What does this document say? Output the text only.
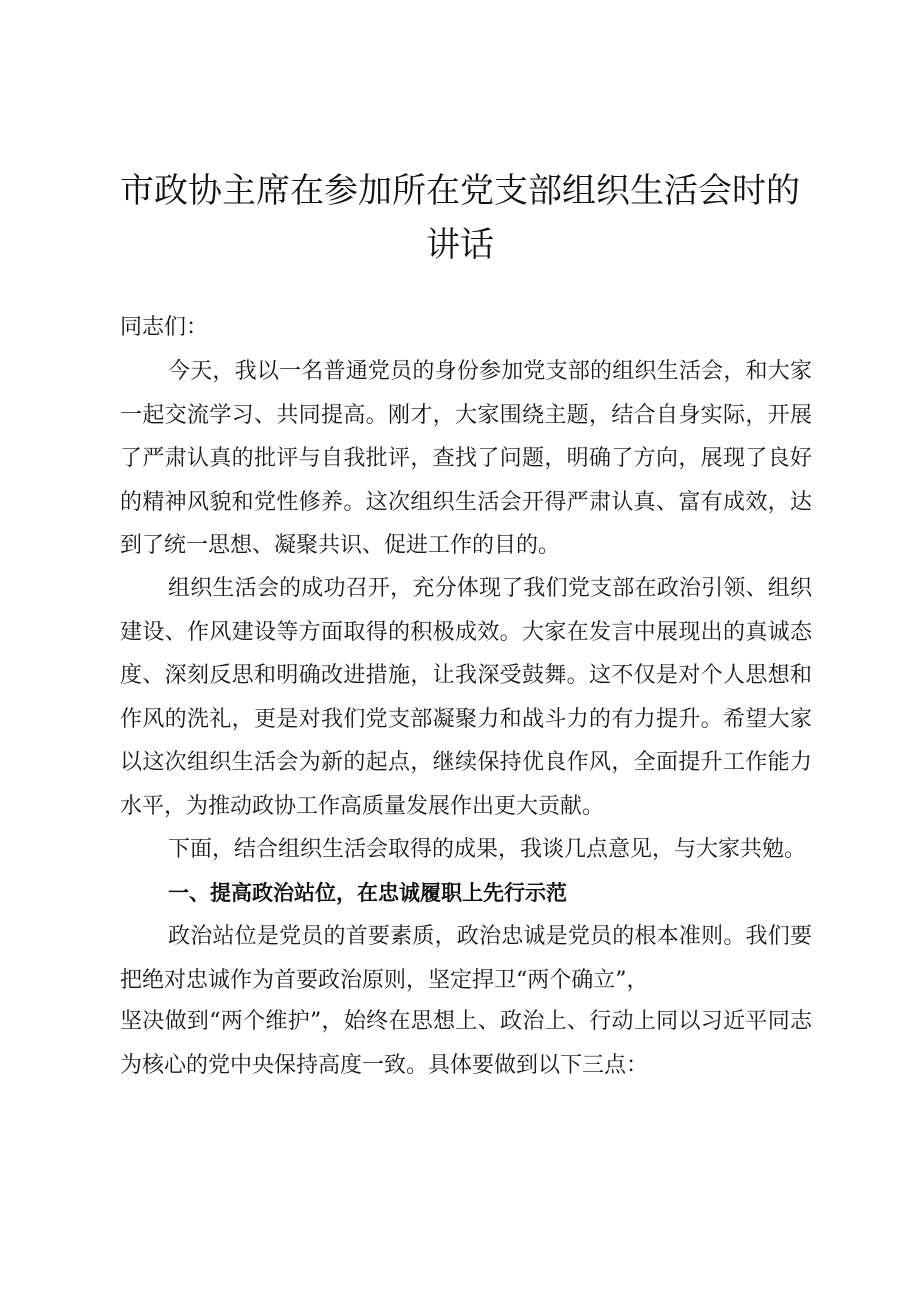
市政协主席在参加所在党支部组织生活会时的
讲话
同志们：

今天，我以一名普通党员的身份参加党支部的组织生活会，和大家一起交流学习、共同提高。刚才，大家围绕主题，结合自身实际，开展了严肃认真的批评与自我批评，查找了问题，明确了方向，展现了良好的精神风貌和党性修养。这次组织生活会开得严肃认真、富有成效，达到了统一思想、凝聚共识、促进工作的目的。

组织生活会的成功召开，充分体现了我们党支部在政治引领、组织建设、作风建设等方面取得的积极成效。大家在发言中展现出的真诚态度、深刻反思和明确改进措施，让我深受鼓舞。这不仅是对个人思想和作风的洗礼，更是对我们党支部凝聚力和战斗力的有力提升。希望大家以这次组织生活会为新的起点，继续保持优良作风，全面提升工作能力水平，为推动政协工作高质量发展作出更大贡献。

下面，结合组织生活会取得的成果，我谈几点意见，与大家共勉。

一、提高政治站位，在忠诚履职上先行示范

政治站位是党员的首要素质，政治忠诚是党员的根本准则。我们要把绝对忠诚作为首要政治原则，坚定捍卫“两个确立”，

坚决做到“两个维护”，始终在思想上、政治上、行动上同以习近平同志为核心的党中央保持高度一致。具体要做到以下三点：
